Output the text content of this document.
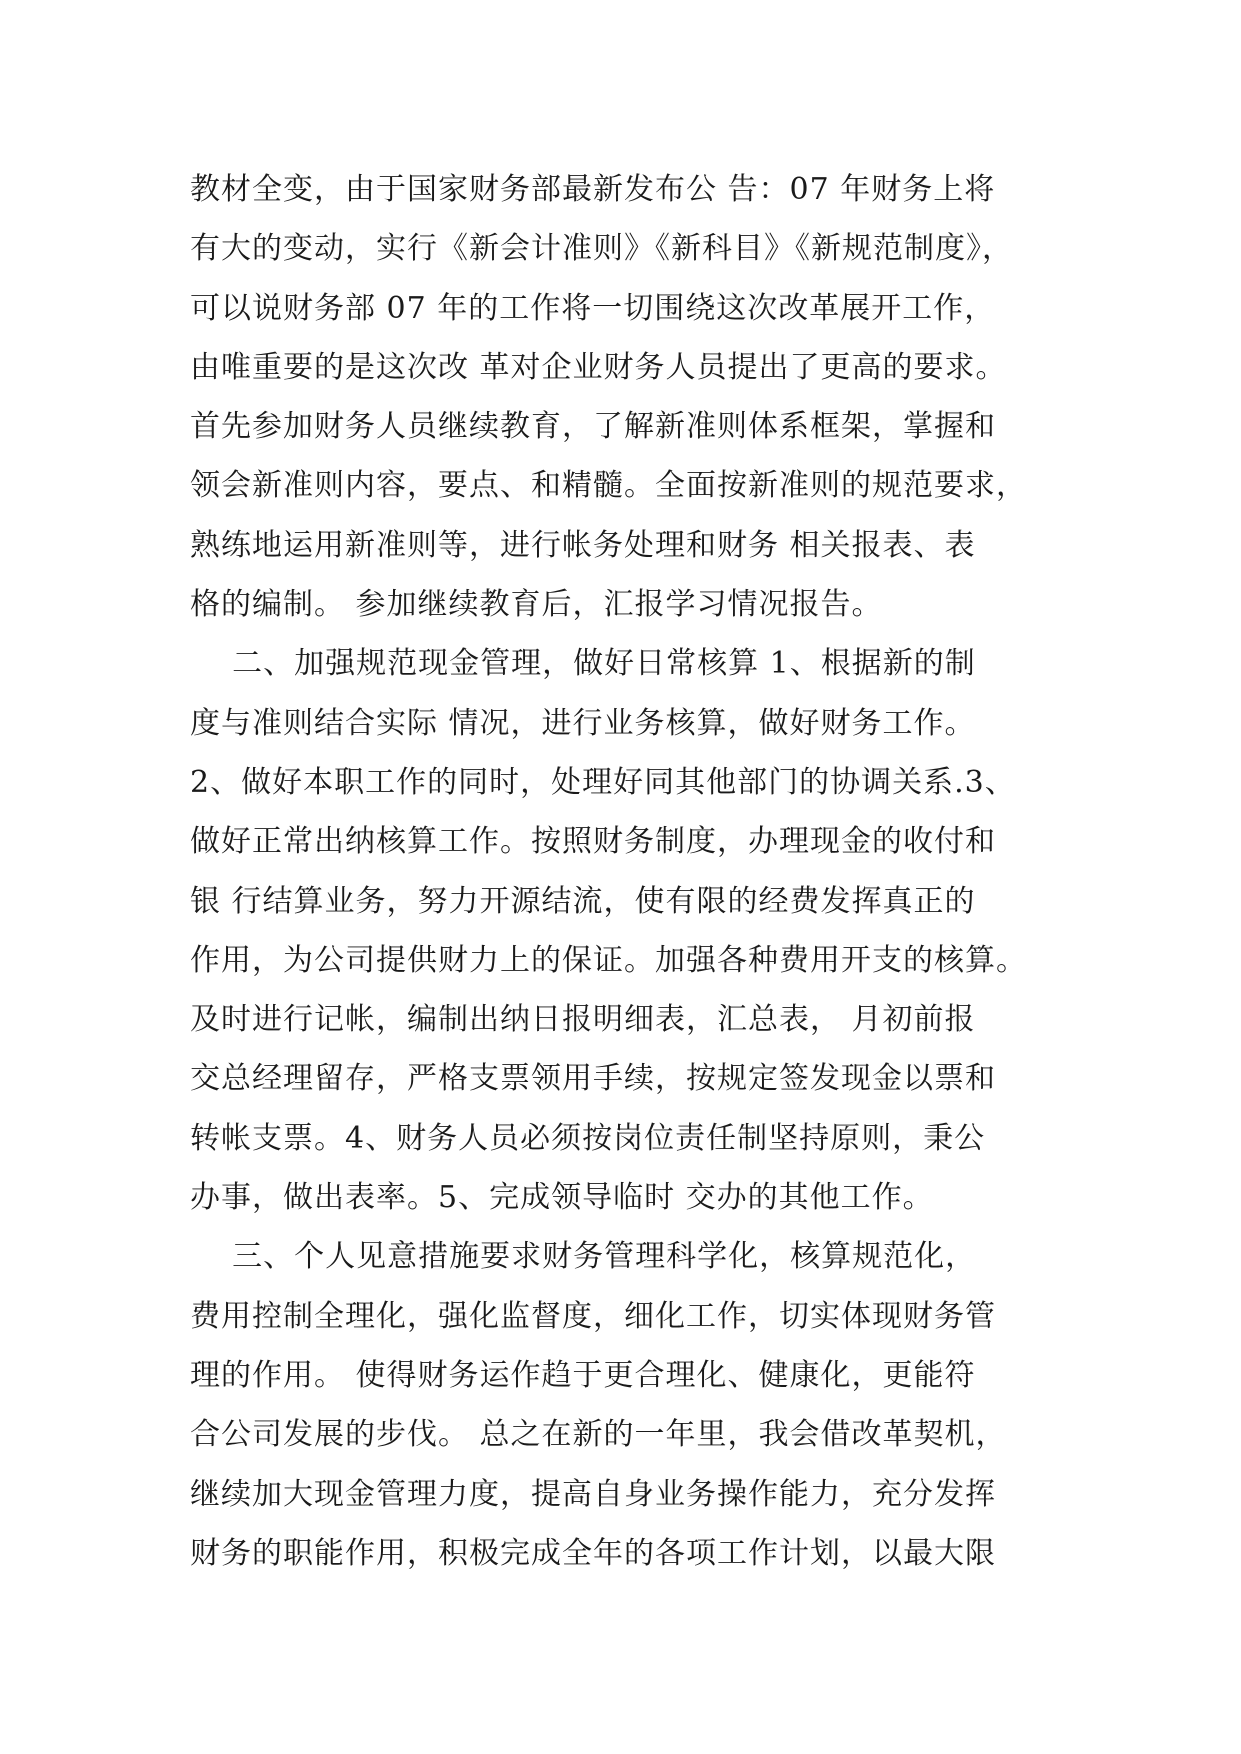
教材全变，由于国家财务部最新发布公 告：07 年财务上将
有大的变动，实行《新会计准则》《新科目》《新规范制度》，
可以说财务部 07 年的工作将一切围绕这次改革展开工作，
由唯重要的是这次改 革对企业财务人员提出了更高的要求。
首先参加财务人员继续教育，了解新准则体系框架，掌握和
领会新准则内容，要点、和精髓。全面按新准则的规范要求，
熟练地运用新准则等，进行帐务处理和财务 相关报表、表
格的编制。 参加继续教育后，汇报学习情况报告。
二、加强规范现金管理，做好日常核算 1、根据新的制
度与准则结合实际 情况，进行业务核算，做好财务工作。
2、做好本职工作的同时，处理好同其他部门的协调关系.3、
做好正常出纳核算工作。按照财务制度，办理现金的收付和
银 行结算业务，努力开源结流，使有限的经费发挥真正的
作用，为公司提供财力上的保证。加强各种费用开支的核算。
及时进行记帐，编制出纳日报明细表，汇总表， 月初前报
交总经理留存，严格支票领用手续，按规定签发现金以票和
转帐支票。4、财务人员必须按岗位责任制坚持原则，秉公
办事，做出表率。5、完成领导临时 交办的其他工作。
三、个人见意措施要求财务管理科学化，核算规范化，
费用控制全理化，强化监督度，细化工作，切实体现财务管
理的作用。 使得财务运作趋于更合理化、健康化，更能符
合公司发展的步伐。 总之在新的一年里，我会借改革契机，
继续加大现金管理力度，提高自身业务操作能力，充分发挥
财务的职能作用，积极完成全年的各项工作计划，以最大限
